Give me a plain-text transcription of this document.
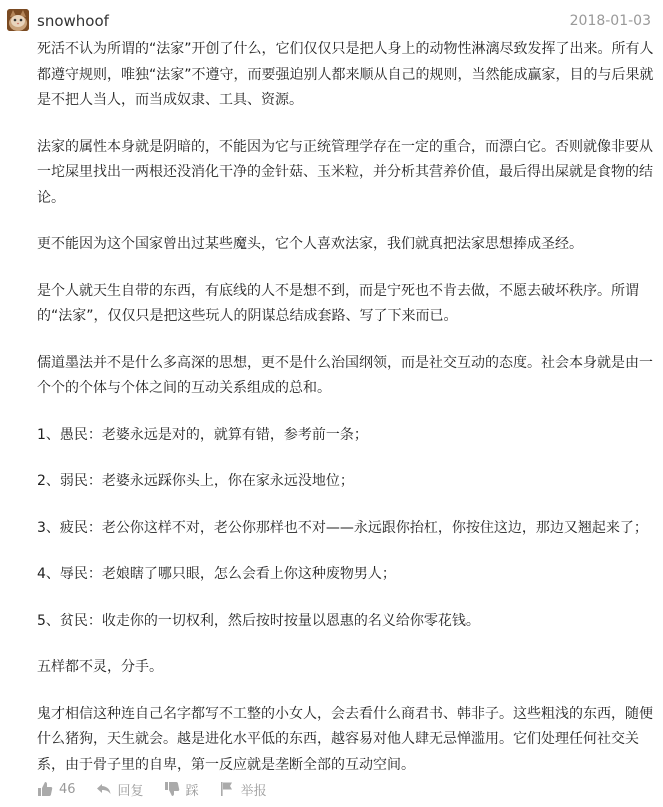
snowhoof	2018-01-03

死活不认为所谓的“法家”开创了什么，它们仅仅只是把人身上的动物性淋漓尽致发挥了出来。所有人都遵守规则，唯独“法家”不遵守，而要强迫别人都来顺从自己的规则，当然能成赢家，目的与后果就是不把人当人，而当成奴隶、工具、资源。

法家的属性本身就是阴暗的，不能因为它与正统管理学存在一定的重合，而漂白它。否则就像非要从一坨屎里找出一两根还没消化干净的金针菇、玉米粒，并分析其营养价值，最后得出屎就是食物的结论。

更不能因为这个国家曾出过某些魔头，它个人喜欢法家，我们就真把法家思想捧成圣经。

是个人就天生自带的东西，有底线的人不是想不到，而是宁死也不肯去做，不愿去破坏秩序。所谓的“法家”，仅仅只是把这些玩人的阴谋总结成套路、写了下来而已。

儒道墨法并不是什么多高深的思想，更不是什么治国纲领，而是社交互动的态度。社会本身就是由一个个的个体与个体之间的互动关系组成的总和。

1、愚民：老婆永远是对的，就算有错，参考前一条；

2、弱民：老婆永远踩你头上，你在家永远没地位；

3、疲民：老公你这样不对，老公你那样也不对——永远跟你抬杠，你按住这边，那边又翘起来了；

4、辱民：老娘瞎了哪只眼，怎么会看上你这种废物男人；

5、贫民：收走你的一切权利，然后按时按量以恩惠的名义给你零花钱。

五样都不灵，分手。

鬼才相信这种连自己名字都写不工整的小女人，会去看什么商君书、韩非子。这些粗浅的东西，随便什么猪狗，天生就会。越是进化水平低的东西，越容易对他人肆无忌惮滥用。它们处理任何社交关系，由于骨子里的自卑，第一反应就是垄断全部的互动空间。

46	回复	踩	举报
